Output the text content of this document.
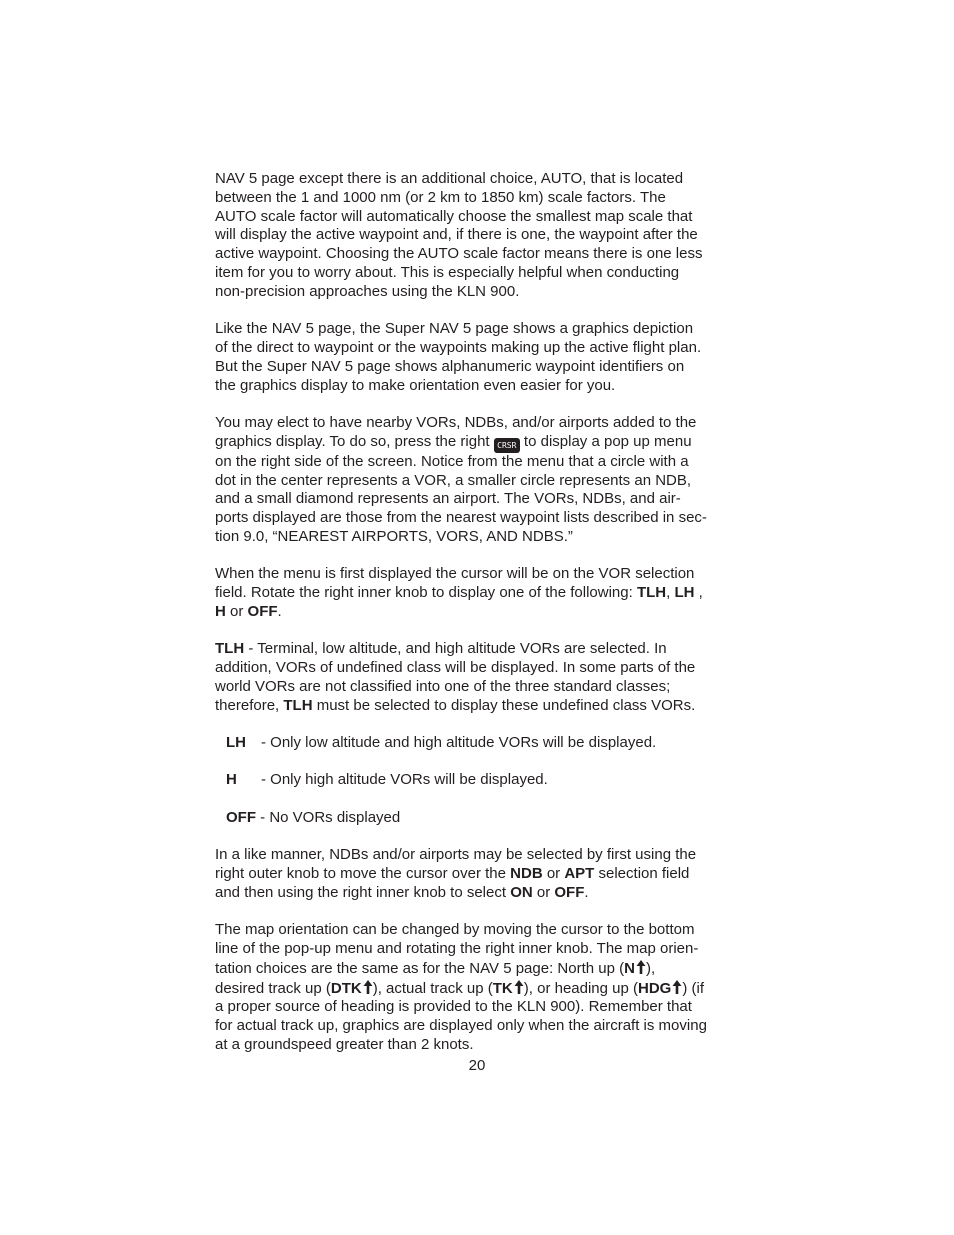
NAV 5 page except there is an additional choice, AUTO, that is located
between the 1 and 1000 nm (or 2 km to 1850 km) scale factors. The
AUTO scale factor will automatically choose the smallest map scale that
will display the active waypoint and, if there is one, the waypoint after the
active waypoint. Choosing the AUTO scale factor means there is one less
item for you to worry about. This is especially helpful when conducting
non-precision approaches using the KLN 900.
Like the NAV 5 page, the Super NAV 5 page shows a graphics depiction
of the direct to waypoint or the waypoints making up the active flight plan.
But the Super NAV 5 page shows alphanumeric waypoint identifiers on
the graphics display to make orientation even easier for you.
You may elect to have nearby VORs, NDBs, and/or airports added to the
graphics display. To do so, press the right CRSR to display a pop up menu
on the right side of the screen. Notice from the menu that a circle with a
dot in the center represents a VOR, a smaller circle represents an NDB,
and a small diamond represents an airport. The VORs, NDBs, and air-
ports displayed are those from the nearest waypoint lists described in sec-
tion 9.0, “NEAREST AIRPORTS, VORS, AND NDBS.”
When the menu is first displayed the cursor will be on the VOR selection
field. Rotate the right inner knob to display one of the following: TLH, LH ,
H or OFF.
TLH - Terminal, low altitude, and high altitude VORs are selected. In
addition, VORs of undefined class will be displayed. In some parts of the
world VORs are not classified into one of the three standard classes;
therefore, TLH must be selected to display these undefined class VORs.
LH - Only low altitude and high altitude VORs will be displayed.
H - Only high altitude VORs will be displayed.
OFF - No VORs displayed
In a like manner, NDBs and/or airports may be selected by first using the
right outer knob to move the cursor over the NDB or APT selection field
and then using the right inner knob to select ON or OFF.
The map orientation can be changed by moving the cursor to the bottom
line of the pop-up menu and rotating the right inner knob. The map orien-
tation choices are the same as for the NAV 5 page: North up (N ),
desired track up (DTK ), actual track up (TK ), or heading up (HDG ) (if
a proper source of heading is provided to the KLN 900). Remember that
for actual track up, graphics are displayed only when the aircraft is moving
at a groundspeed greater than 2 knots.
20
